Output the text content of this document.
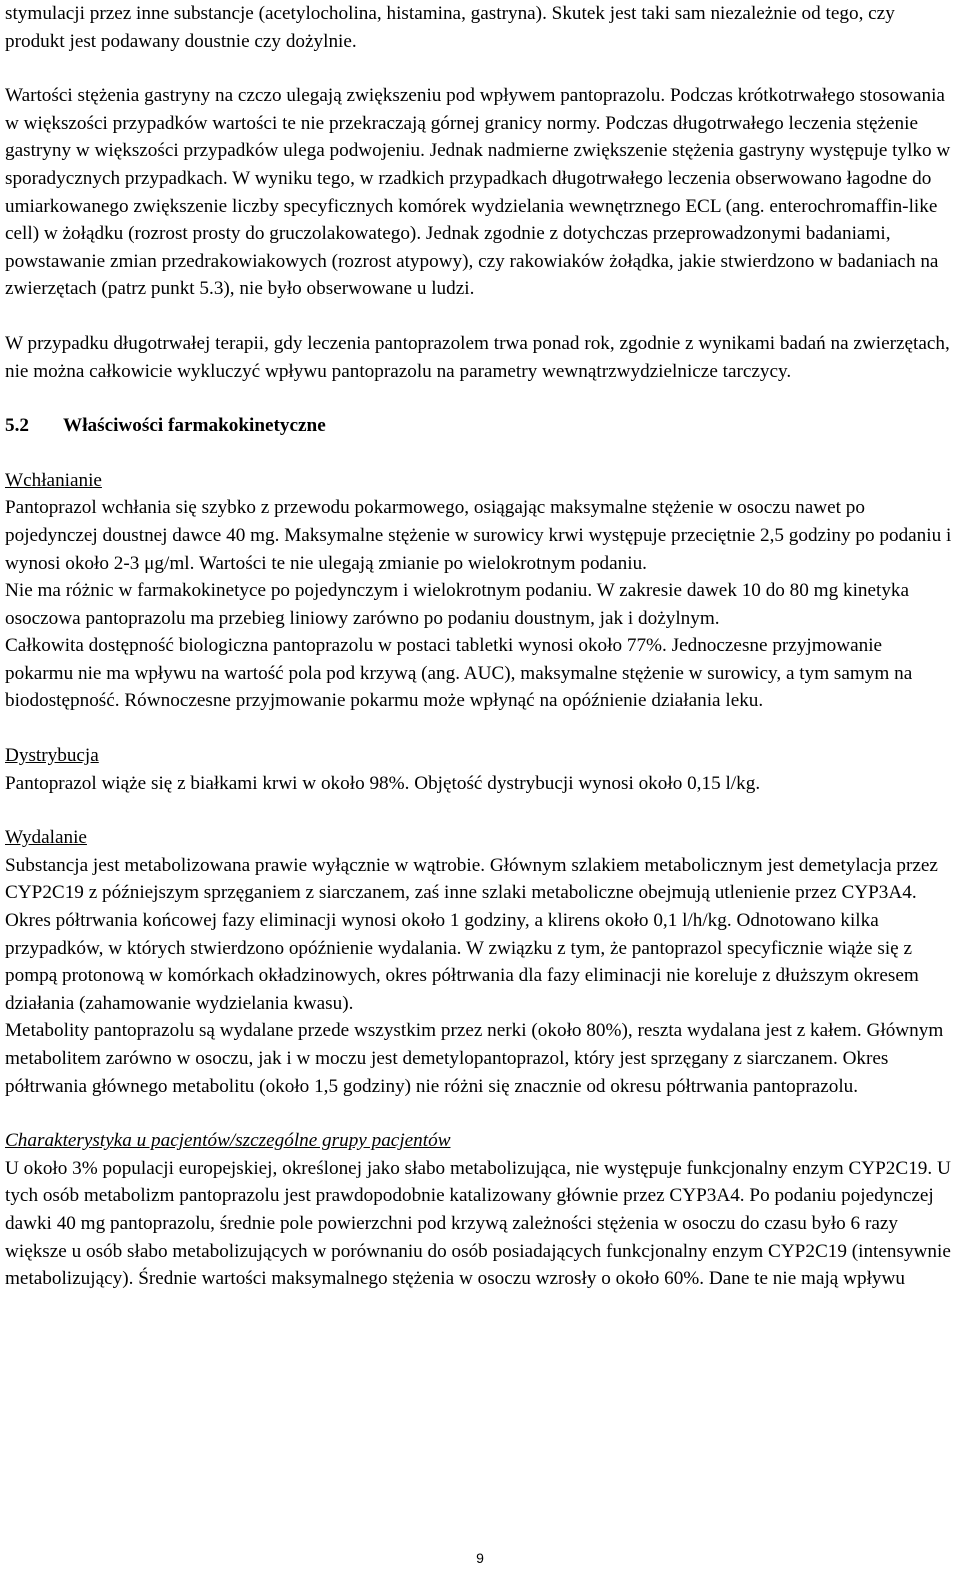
stymulacji przez inne substancje (acetylocholina, histamina, gastryna). Skutek jest taki sam niezależnie od tego, czy produkt jest podawany doustnie czy dożylnie.

Wartości stężenia gastryny na czczo ulegają zwiększeniu pod wpływem pantoprazolu. Podczas krótkotrwałego stosowania w większości przypadków wartości te nie przekraczają górnej granicy normy. Podczas długotrwałego leczenia stężenie gastryny w większości przypadków ulega podwojeniu. Jednak nadmierne zwiększenie stężenia gastryny występuje tylko w sporadycznych przypadkach. W wyniku tego, w rzadkich przypadkach długotrwałego leczenia obserwowano łagodne do umiarkowanego zwiększenie liczby specyficznych komórek wydzielania wewnętrznego ECL (ang. enterochromaffin-like cell) w żołądku (rozrost prosty do gruczolakowatego). Jednak zgodnie z dotychczas przeprowadzonymi badaniami, powstawanie zmian przedrakowiakowych (rozrost atypowy), czy rakowiaków żołądka, jakie stwierdzono w badaniach na zwierzętach (patrz punkt 5.3), nie było obserwowane u ludzi.

W przypadku długotrwałej terapii, gdy leczenia pantoprazolem trwa ponad rok, zgodnie z wynikami badań na zwierzętach, nie można całkowicie wykluczyć wpływu pantoprazolu na parametry wewnątrzwydzielnicze tarczycy.

5.2	Właściwości farmakokinetyczne

Wchłanianie

Pantoprazol wchłania się szybko z przewodu pokarmowego, osiągając maksymalne stężenie w osoczu nawet po pojedynczej doustnej dawce 40 mg. Maksymalne stężenie w surowicy krwi występuje przeciętnie 2,5 godziny po podaniu i wynosi około 2-3 μg/ml. Wartości te nie ulegają zmianie po wielokrotnym podaniu.

Nie ma różnic w farmakokinetyce po pojedynczym i wielokrotnym podaniu. W zakresie dawek 10 do 80 mg kinetyka osoczowa pantoprazolu ma przebieg liniowy zarówno po podaniu doustnym, jak i dożylnym.

Całkowita dostępność biologiczna pantoprazolu w postaci tabletki wynosi około 77%. Jednoczesne przyjmowanie pokarmu nie ma wpływu na wartość pola pod krzywą (ang. AUC), maksymalne stężenie w surowicy, a tym samym na biodostępność. Równoczesne przyjmowanie pokarmu może wpłynąć na opóźnienie działania leku.

Dystrybucja

Pantoprazol wiąże się z białkami krwi w około 98%. Objętość dystrybucji wynosi około 0,15 l/kg.

Wydalanie

Substancja jest metabolizowana prawie wyłącznie w wątrobie. Głównym szlakiem metabolicznym jest demetylacja przez CYP2C19 z późniejszym sprzęganiem z siarczanem, zaś inne szlaki metaboliczne obejmują utlenienie przez CYP3A4. Okres półtrwania końcowej fazy eliminacji wynosi około 1 godziny, a klirens około 0,1 l/h/kg. Odnotowano kilka przypadków, w których stwierdzono opóźnienie wydalania. W związku z tym, że pantoprazol specyficznie wiąże się z pompą protonową w komórkach okładzinowych, okres półtrwania dla fazy eliminacji nie koreluje z dłuższym okresem działania (zahamowanie wydzielania kwasu).

Metabolity pantoprazolu są wydalane przede wszystkim przez nerki (około 80%), reszta wydalana jest z kałem. Głównym metabolitem zarówno w osoczu, jak i w moczu jest demetylopantoprazol, który jest sprzęgany z siarczanem. Okres półtrwania głównego metabolitu (około 1,5 godziny) nie różni się znacznie od okresu półtrwania pantoprazolu.

Charakterystyka u pacjentów/szczególne grupy pacjentów

U około 3% populacji europejskiej, określonej jako słabo metabolizująca, nie występuje funkcjonalny enzym CYP2C19. U tych osób metabolizm pantoprazolu jest prawdopodobnie katalizowany głównie przez CYP3A4. Po podaniu pojedynczej dawki 40 mg pantoprazolu, średnie pole powierzchni pod krzywą zależności stężenia w osoczu do czasu było 6 razy większe u osób słabo metabolizujących w porównaniu do osób posiadających funkcjonalny enzym CYP2C19 (intensywnie metabolizujący). Średnie wartości maksymalnego stężenia w osoczu wzrosły o około 60%. Dane te nie mają wpływu

9
